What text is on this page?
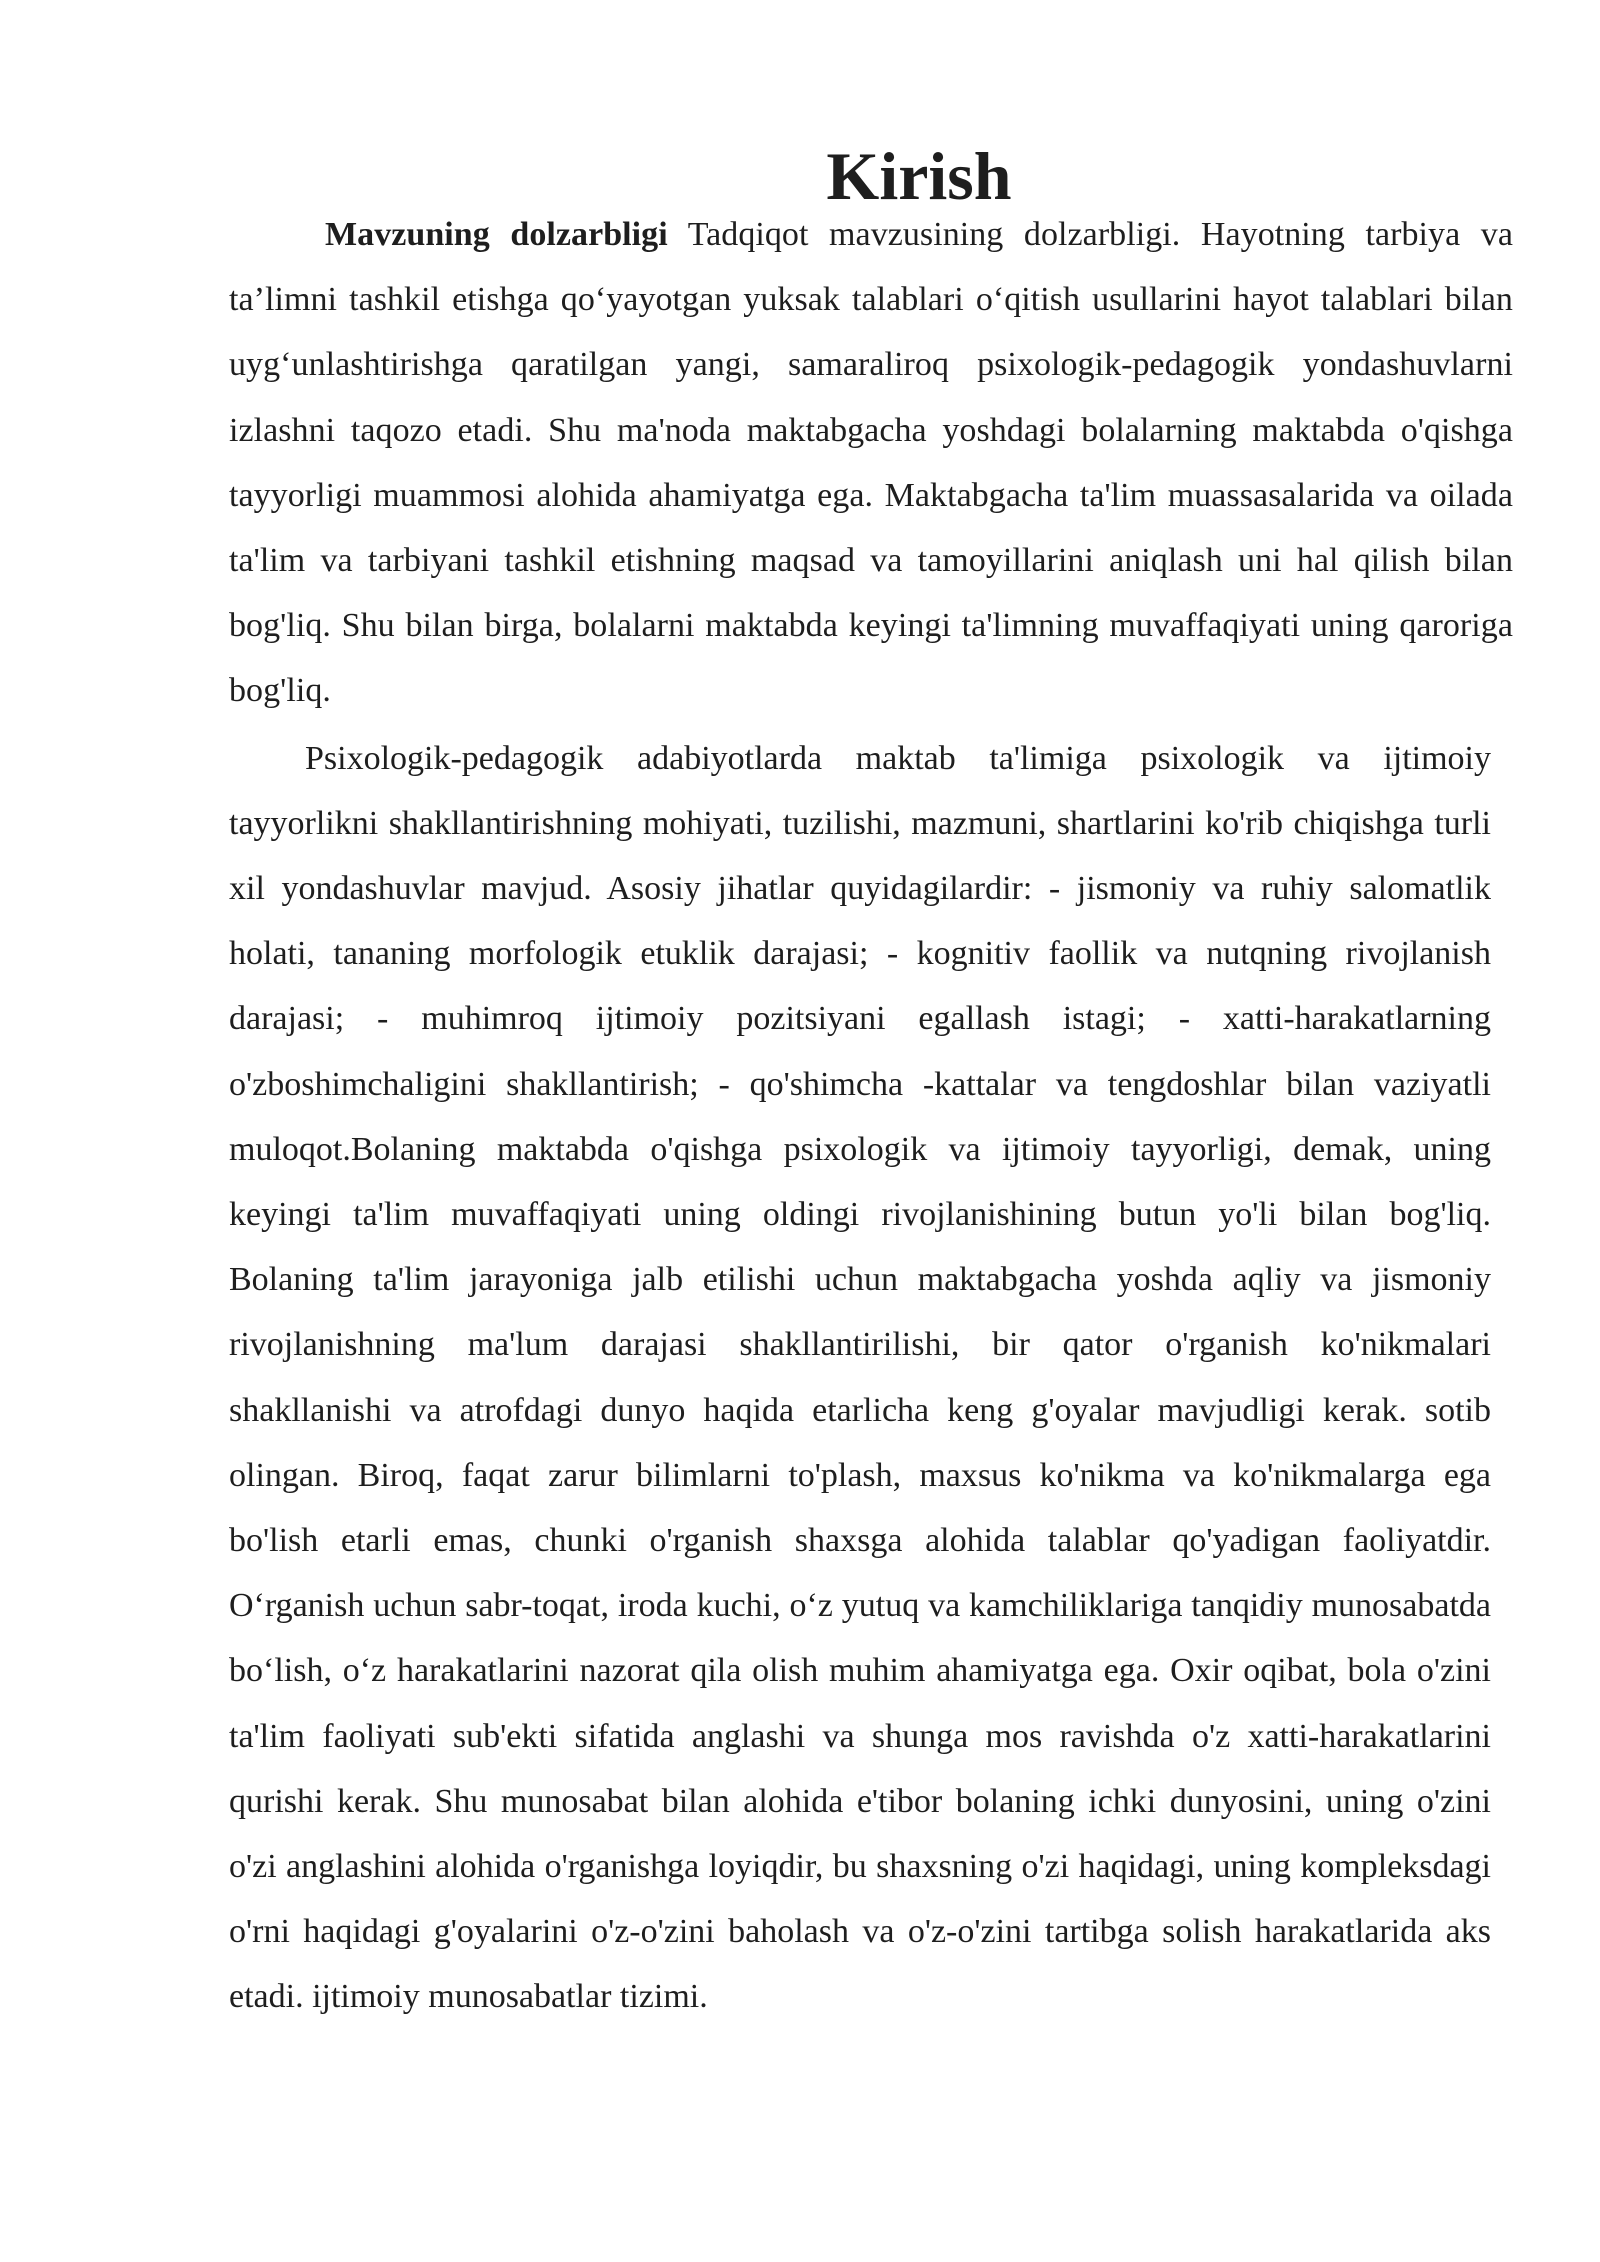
Kirish

Mavzuning dolzarbligi Tadqiqot mavzusining dolzarbligi. Hayotning tarbiya va ta’limni tashkil etishga qo‘yayotgan yuksak talablari o‘qitish usullarini hayot talablari bilan uyg‘unlashtirishga qaratilgan yangi, samaraliroq psixologik-pedagogik yondashuvlarni izlashni taqozo etadi. Shu ma'noda maktabgacha yoshdagi bolalarning maktabda o'qishga tayyorligi muammosi alohida ahamiyatga ega. Maktabgacha ta'lim muassasalarida va oilada ta'lim va tarbiyani tashkil etishning maqsad va tamoyillarini aniqlash uni hal qilish bilan bog'liq. Shu bilan birga, bolalarni maktabda keyingi ta'limning muvaffaqiyati uning qaroriga bog'liq.

Psixologik-pedagogik adabiyotlarda maktab ta'limiga psixologik va ijtimoiy tayyorlikni shakllantirishning mohiyati, tuzilishi, mazmuni, shartlarini ko'rib chiqishga turli xil yondashuvlar mavjud. Asosiy jihatlar quyidagilardir: - jismoniy va ruhiy salomatlik holati, tananing morfologik etuklik darajasi; - kognitiv faollik va nutqning rivojlanish darajasi; - muhimroq ijtimoiy pozitsiyani egallash istagi; - xatti-harakatlarning o'zboshimchaligini shakllantirish; - qo'shimcha -kattalar va tengdoshlar bilan vaziyatli muloqot.Bolaning maktabda o'qishga psixologik va ijtimoiy tayyorligi, demak, uning keyingi ta'lim muvaffaqiyati uning oldingi rivojlanishining butun yo'li bilan bog'liq. Bolaning ta'lim jarayoniga jalb etilishi uchun maktabgacha yoshda aqliy va jismoniy rivojlanishning ma'lum darajasi shakllantirilishi, bir qator o'rganish ko'nikmalari shakllanishi va atrofdagi dunyo haqida etarlicha keng g'oyalar mavjudligi kerak. sotib olingan. Biroq, faqat zarur bilimlarni to'plash, maxsus ko'nikma va ko'nikmalarga ega bo'lish etarli emas, chunki o'rganish shaxsga alohida talablar qo'yadigan faoliyatdir. O‘rganish uchun sabr-toqat, iroda kuchi, o‘z yutuq va kamchiliklariga tanqidiy munosabatda bo‘lish, o‘z harakatlarini nazorat qila olish muhim ahamiyatga ega. Oxir oqibat, bola o'zini ta'lim faoliyati sub'ekti sifatida anglashi va shunga mos ravishda o'z xatti-harakatlarini qurishi kerak. Shu munosabat bilan alohida e'tibor bolaning ichki dunyosini, uning o'zini o'zi anglashini alohida o'rganishga loyiqdir, bu shaxsning o'zi haqidagi, uning kompleksdagi o'rni haqidagi g'oyalarini o'z-o'zini baholash va o'z-o'zini tartibga solish harakatlarida aks etadi. ijtimoiy munosabatlar tizimi.
